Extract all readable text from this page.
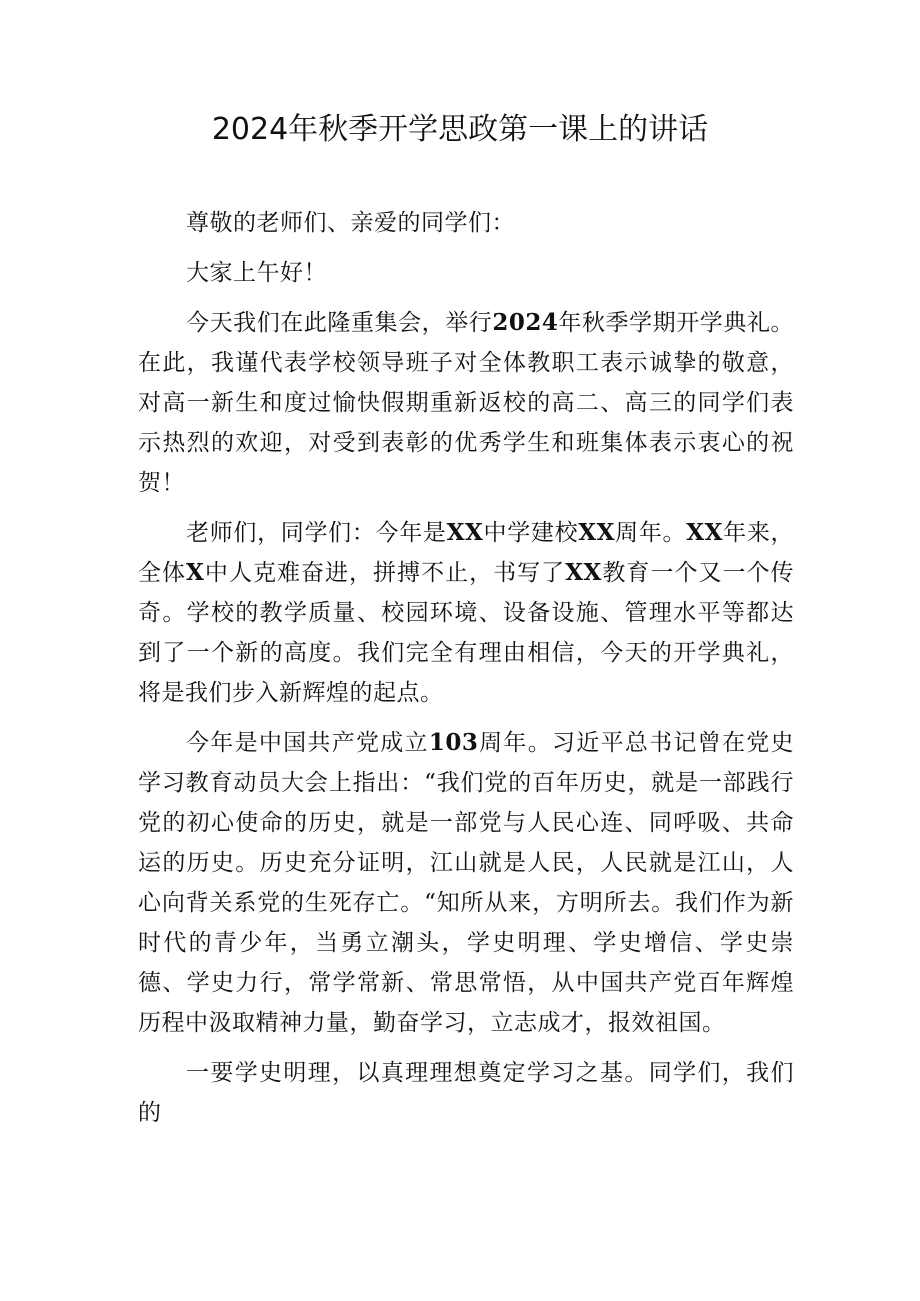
2024年秋季开学思政第一课上的讲话

尊敬的老师们、亲爱的同学们：

大家上午好！

今天我们在此隆重集会，举行2024年秋季学期开学典礼。在此，我谨代表学校领导班子对全体教职工表示诚挚的敬意，对高一新生和度过愉快假期重新返校的高二、高三的同学们表示热烈的欢迎，对受到表彰的优秀学生和班集体表示衷心的祝贺！

老师们，同学们：今年是XX中学建校XX周年。XX年来，全体X中人克难奋进，拼搏不止，书写了XX教育一个又一个传奇。学校的教学质量、校园环境、设备设施、管理水平等都达到了一个新的高度。我们完全有理由相信，今天的开学典礼，将是我们步入新辉煌的起点。

今年是中国共产党成立103周年。习近平总书记曾在党史学习教育动员大会上指出：“我们党的百年历史，就是一部践行党的初心使命的历史，就是一部党与人民心连、同呼吸、共命运的历史。历史充分证明，江山就是人民，人民就是江山，人心向背关系党的生死存亡。“知所从来，方明所去。我们作为新时代的青少年，当勇立潮头，学史明理、学史增信、学史崇德、学史力行，常学常新、常思常悟，从中国共产党百年辉煌历程中汲取精神力量，勤奋学习，立志成才，报效祖国。

一要学史明理，以真理理想奠定学习之基。同学们，我们的
